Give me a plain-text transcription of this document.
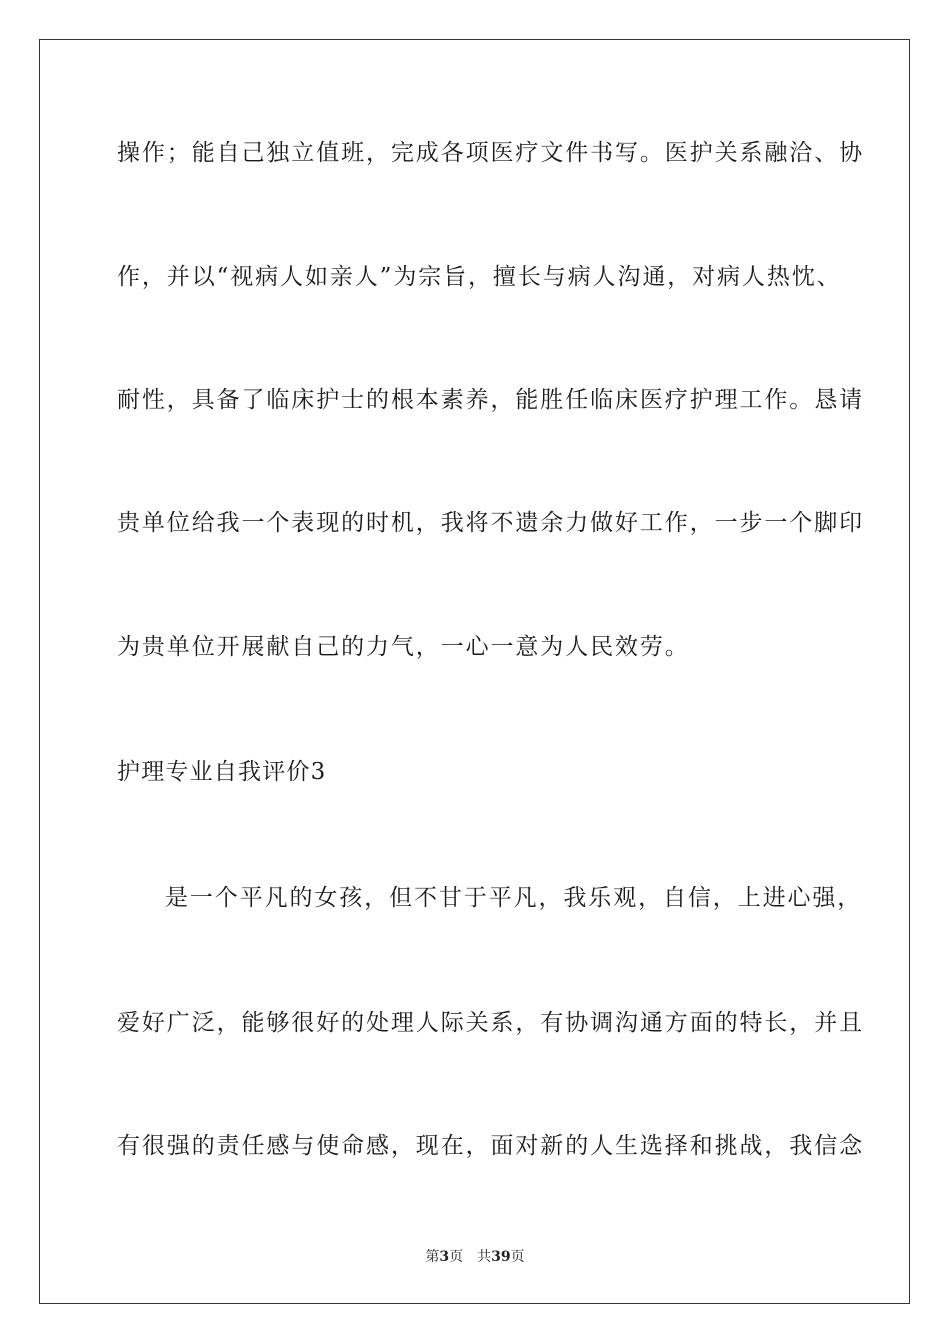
操作；能自己独立值班，完成各项医疗文件书写。医护关系融洽、协
作，并以“视病人如亲人”为宗旨，擅长与病人沟通，对病人热忱、
耐性，具备了临床护士的根本素养，能胜任临床医疗护理工作。恳请
贵单位给我一个表现的时机，我将不遗余力做好工作，一步一个脚印
为贵单位开展献自己的力气，一心一意为人民效劳。
护理专业自我评价3
是一个平凡的女孩，但不甘于平凡，我乐观，自信，上进心强，
爱好广泛，能够很好的处理人际关系，有协调沟通方面的特长，并且
有很强的责任感与使命感，现在，面对新的人生选择和挑战，我信念
第3页 共39页
